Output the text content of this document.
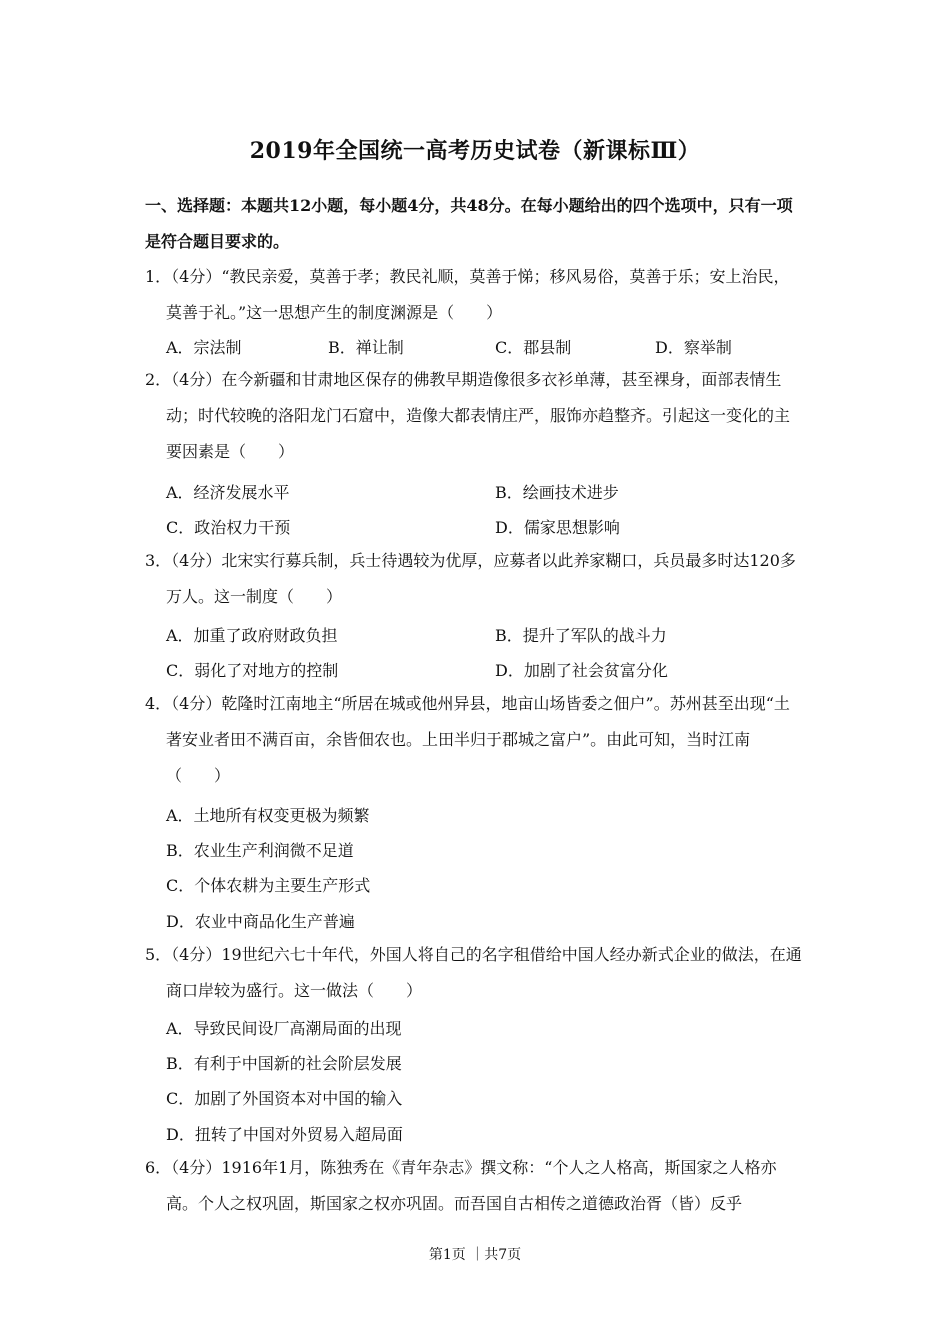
2019年全国统一高考历史试卷（新课标Ⅲ）
一、选择题：本题共12小题，每小题4分，共48分。在每小题给出的四个选项中，只有一项是符合题目要求的。
1．（4分）“教民亲爱，莫善于孝；教民礼顺，莫善于悌；移风易俗，莫善于乐；安上治民，莫善于礼。”这一思想产生的制度渊源是（　　）
A．宗法制	B．禅让制	C．郡县制	D．察举制
2．（4分）在今新疆和甘肃地区保存的佛教早期造像很多衣衫单薄，甚至裸身，面部表情生动；时代较晚的洛阳龙门石窟中，造像大都表情庄严，服饰亦趋整齐。引起这一变化的主要因素是（　　）
A．经济发展水平	B．绘画技术进步
C．政治权力干预	D．儒家思想影响
3．（4分）北宋实行募兵制，兵士待遇较为优厚，应募者以此养家糊口，兵员最多时达120多万人。这一制度（　　）
A．加重了政府财政负担	B．提升了军队的战斗力
C．弱化了对地方的控制	D．加剧了社会贫富分化
4．（4分）乾隆时江南地主“所居在城或他州异县，地亩山场皆委之佃户”。苏州甚至出现“土著安业者田不满百亩，余皆佃农也。上田半归于郡城之富户”。由此可知，当时江南（　　）
A．土地所有权变更极为频繁
B．农业生产利润微不足道
C．个体农耕为主要生产形式
D．农业中商品化生产普遍
5．（4分）19世纪六七十年代，外国人将自己的名字租借给中国人经办新式企业的做法，在通商口岸较为盛行。这一做法（　　）
A．导致民间设厂高潮局面的出现
B．有利于中国新的社会阶层发展
C．加剧了外国资本对中国的输入
D．扭转了中国对外贸易入超局面
6．（4分）1916年1月，陈独秀在《青年杂志》撰文称：“个人之人格高，斯国家之人格亦高。个人之权巩固，斯国家之权亦巩固。而吾国自古相传之道德政治胥（皆）反乎
第1页 ｜共7页
